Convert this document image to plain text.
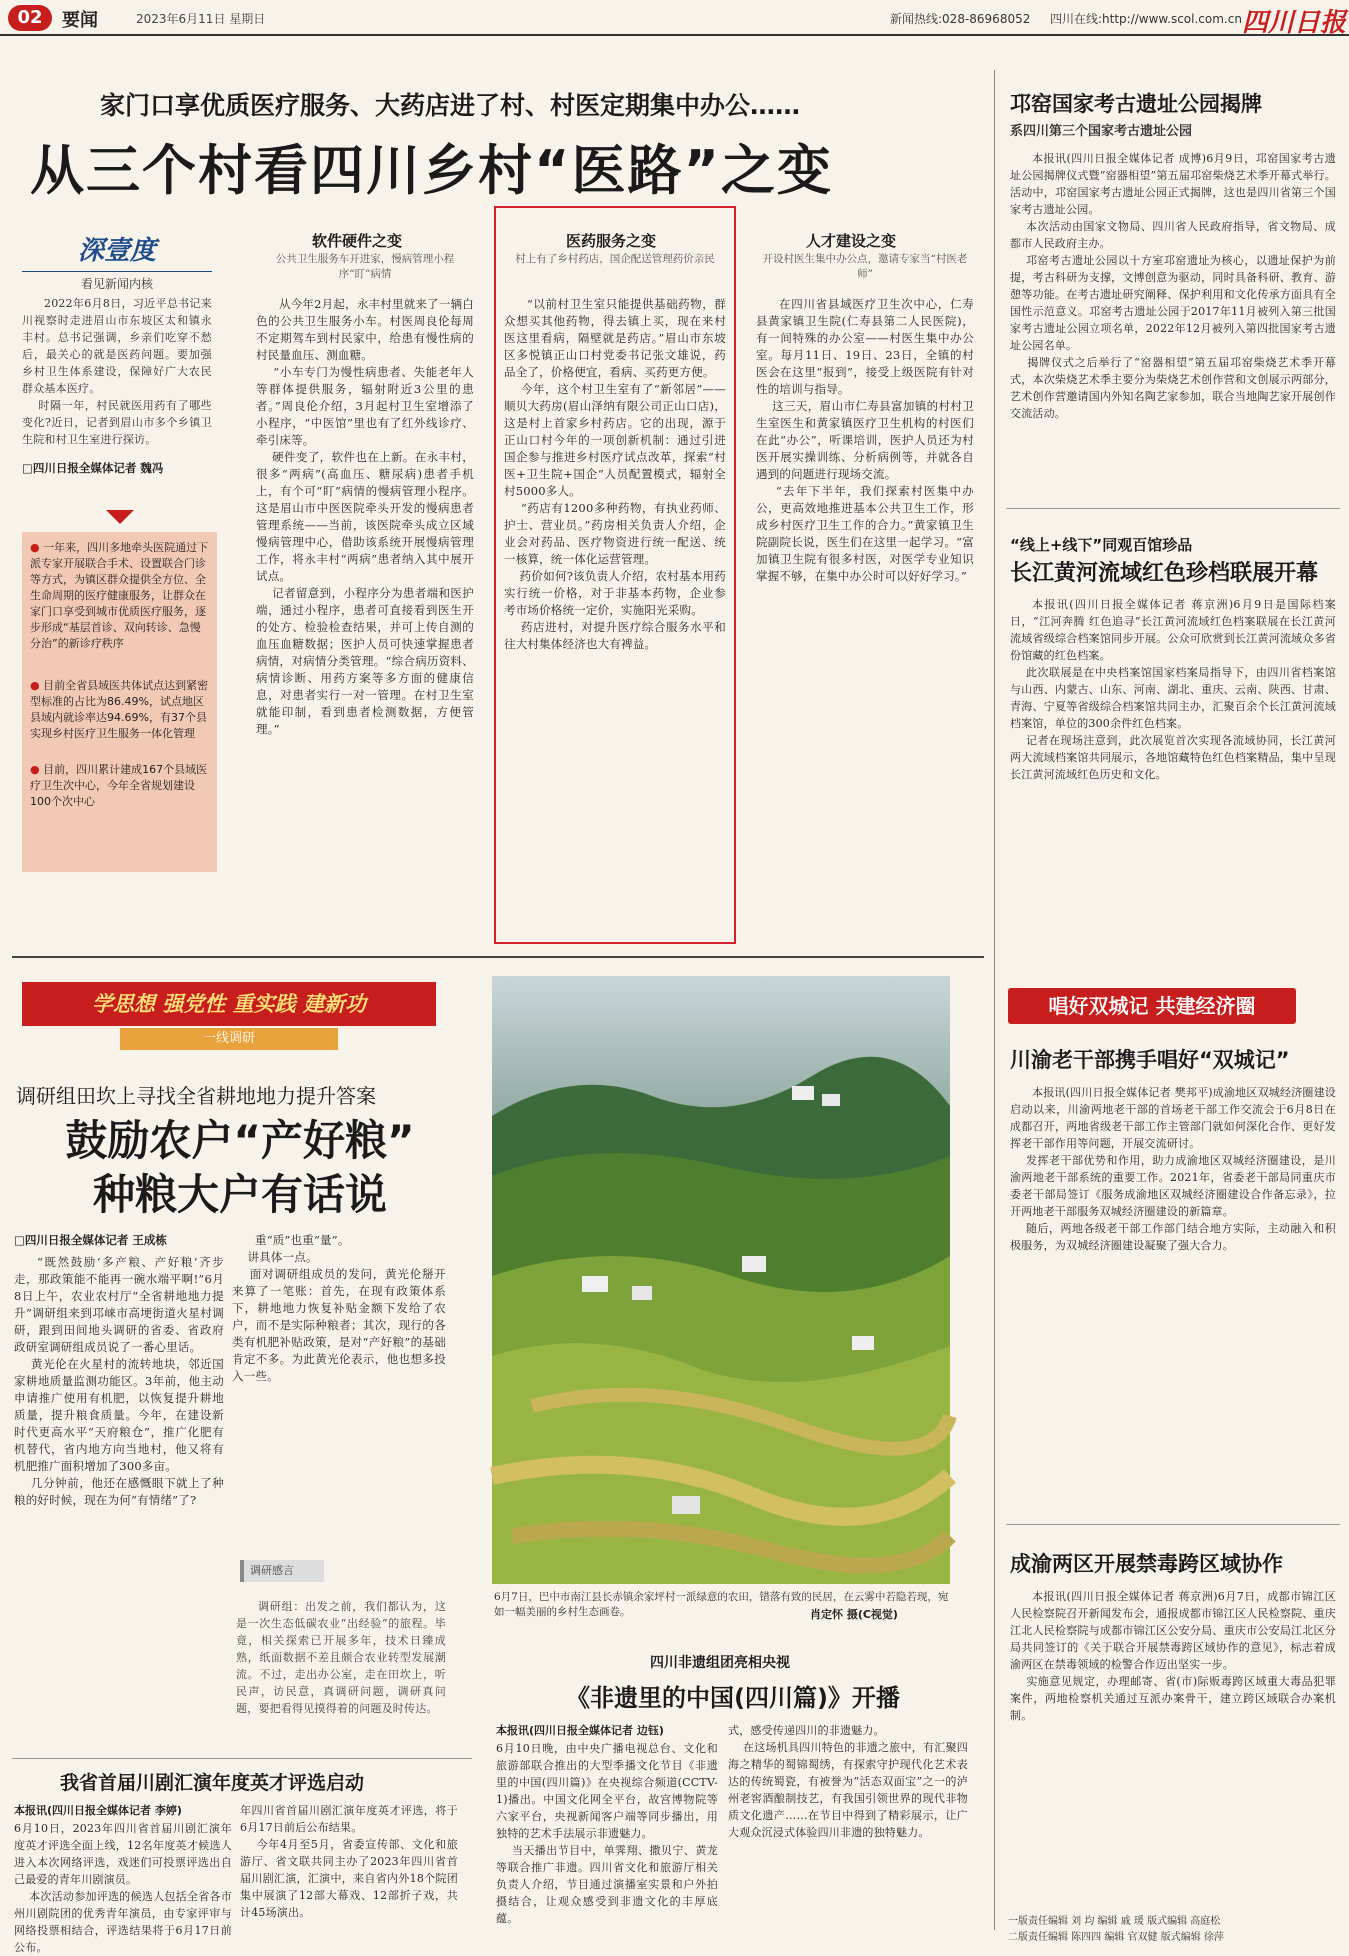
02	要闻	2023年6月11日 星期日	新闻热线:028-86968052 四川在线:http://www.scol.com.cn 四川日报
家门口享优质医疗服务、大药店进了村、村医定期集中办公……
从三个村看四川乡村“医路”之变
深壹度
看见新闻内核
2022年6月8日，习近平总书记来川视察时走进眉山市东坡区太和镇永丰村。总书记强调，乡亲们吃穿不愁后，最关心的就是医药问题。要加强乡村卫生体系建设，保障好广大农民群众基本医疗。
时隔一年，村民就医用药有了哪些变化?近日，记者到眉山市多个乡镇卫生院和村卫生室进行探访。
□四川日报全媒体记者 魏冯
● 一年来，四川多地牵头医院通过下派专家开展联合手术、设置联合门诊等方式，为镇区群众提供全方位、全生命周期的医疗健康服务，让群众在家门口享受到城市优质医疗服务，逐步形成“基层首诊、双向转诊、急慢分治”的新诊疗秩序
● 目前全省县域医共体试点达到紧密型标准的占比为86.49%，试点地区县域内就诊率达94.69%，有37个县实现乡村医疗卫生服务一体化管理
● 目前，四川累计建成167个县域医疗卫生次中心，今年全省规划建设100个次中心
软件硬件之变
公共卫生服务车开进家，慢病管理小程序“盯”病情
从今年2月起，永丰村里就来了一辆白色的公共卫生服务小车。村医周良伦每周不定期驾车到村民家中，给患有慢性病的村民量血压、测血糖。
“小车专门为慢性病患者、失能老年人等群体提供服务，辐射附近3公里的患者。”周良伦介绍，3月起村卫生室增添了小程序，“中医馆”里也有了红外线诊疗、牵引床等。
硬件变了，软件也在上新。在永丰村，很多“两病”(高血压、糖尿病)患者手机上，有个可“盯”病情的慢病管理小程序。这是眉山市中医医院牵头开发的慢病患者管理系统——当前，该医院牵头成立区域慢病管理中心，借助该系统开展慢病管理工作，将永丰村“两病”患者纳入其中展开试点。
记者留意到，小程序分为患者端和医护端，通过小程序，患者可直接看到医生开的处方、检验检查结果，并可上传自测的血压血糖数据；医护人员可快速掌握患者病情，对病情分类管理。“综合病历资料、病情诊断、用药方案等多方面的健康信息，对患者实行一对一管理。在村卫生室就能印制，看到患者检测数据，方便管理。”
医药服务之变
村上有了乡村药店，国企配送管理药价亲民
“以前村卫生室只能提供基础药物，群众想买其他药物，得去镇上买，现在来村医这里看病，隔壁就是药店。”眉山市东坡区多悦镇正山口村党委书记张文雄说，药品全了，价格便宜，看病、买药更方便。
今年，这个村卫生室有了“新邻居”——顺贝大药房(眉山泽纳有限公司正山口店)，这是村上首家乡村药店。它的出现，源于正山口村今年的一项创新机制：通过引进国企参与推进乡村医疗试点改革，探索“村医+卫生院+国企”人员配置模式，辐射全村5000多人。
“药店有1200多种药物，有执业药师、护士、营业员。”药房相关负责人介绍，企业会对药品、医疗物资进行统一配送、统一核算，统一体化运营管理。
药价如何?该负责人介绍，农村基本用药实行统一价格，对于非基本药物，企业参考市场价格统一定价，实施阳光采购。
药店进村，对提升医疗综合服务水平和往大村集体经济也大有裨益。
人才建设之变
开设村医生集中办公点，邀请专家当“村医老师”
在四川省县域医疗卫生次中心，仁寿县黄家镇卫生院(仁寿县第二人民医院)，有一间特殊的办公室——村医生集中办公室。每月11日、19日、23日，全镇的村医会在这里“报到”，接受上级医院有针对性的培训与指导。
这三天，眉山市仁寿县富加镇的村村卫生室医生和黄家镇医疗卫生机构的村医们在此“办公”，听课培训，医护人员还为村医开展实操训练、分析病例等，并就各自遇到的问题进行现场交流。
“去年下半年，我们探索村医集中办公，更高效地推进基本公共卫生工作，形成乡村医疗卫生工作的合力。”黄家镇卫生院副院长说，医生们在这里一起学习。“富加镇卫生院有很多村医，对医学专业知识掌握不够，在集中办公时可以好好学习。”
邛窑国家考古遗址公园揭牌
系四川第三个国家考古遗址公园
本报讯(四川日报全媒体记者 成博)6月9日，邛窑国家考古遗址公园揭牌仪式暨“窑器相望”第五届邛窑柴烧艺术季开幕式举行。活动中，邛窑国家考古遗址公园正式揭牌，这也是四川省第三个国家考古遗址公园。
本次活动由国家文物局、四川省人民政府指导，省文物局、成都市人民政府主办。
邛窑考古遗址公园以十方室邛窑遗址为核心，以遗址保护为前提，考古科研为支撑，文博创意为驱动，同时具备科研、教育、游憩等功能。在考古遗址研究阐释、保护利用和文化传承方面具有全国性示范意义。邛窑考古遗址公园于2017年11月被列入第三批国家考古遗址公园立项名单，2022年12月被列入第四批国家考古遗址公园名单。
揭牌仪式之后举行了“窑器相望”第五届邛窑柴烧艺术季开幕式，本次柴烧艺术季主要分为柴烧艺术创作营和文创展示两部分，艺术创作营邀请国内外知名陶艺家参加，联合当地陶艺家开展创作交流活动。
“线上+线下”同观百馆珍品
长江黄河流域红色珍档联展开幕
本报讯(四川日报全媒体记者 蒋京洲)6月9日是国际档案日，“江河奔腾 红色追寻”长江黄河流域红色档案联展在长江黄河流域省级综合档案馆同步开展。公众可欣赏到长江黄河流域众多省份馆藏的红色档案。
此次联展是在中央档案馆国家档案局指导下，由四川省档案馆与山西、内蒙古、山东、河南、湖北、重庆、云南、陕西、甘肃、青海、宁夏等省级综合档案馆共同主办，汇聚百余个长江黄河流域档案馆，单位的300余件红色档案。
记者在现场注意到，此次展览首次实现各流域协同，长江黄河两大流域档案馆共同展示，各地馆藏特色红色档案精品，集中呈现长江黄河流域红色历史和文化。
唱好双城记 共建经济圈
川渝老干部携手唱好“双城记”
本报讯(四川日报全媒体记者 樊邦平)成渝地区双城经济圈建设启动以来，川渝两地老干部的首场老干部工作交流会于6月8日在成都召开，两地省级老干部工作主管部门就如何深化合作、更好发挥老干部作用等问题，开展交流研讨。
发挥老干部优势和作用，助力成渝地区双城经济圈建设，是川渝两地老干部系统的重要工作。2021年，省委老干部局同重庆市委老干部局签订《服务成渝地区双城经济圈建设合作备忘录》，拉开两地老干部服务双城经济圈建设的新篇章。
随后，两地各级老干部工作部门结合地方实际，主动融入和积极服务，为双城经济圈建设凝聚了强大合力。
成渝两区开展禁毒跨区域协作
本报讯(四川日报全媒体记者 蒋京洲)6月7日，成都市锦江区人民检察院召开新闻发布会，通报成都市锦江区人民检察院、重庆江北人民检察院与成都市锦江区公安分局、重庆市公安局江北区分局共同签订的《关于联合开展禁毒跨区域协作的意见》，标志着成渝两区在禁毒领域的检警合作迈出坚实一步。
实施意见规定，办理邮寄、省(市)际贩毒跨区域重大毒品犯罪案件，两地检察机关通过互派办案骨干，建立跨区域联合办案机制。
学思想 强党性 重实践 建新功
一线调研
调研组田坎上寻找全省耕地地力提升答案
鼓励农户“产好粮”
种粮大户有话说
□四川日报全媒体记者 王成栋
“既然鼓励‘多产粮、产好粮’齐步走，那政策能不能再一碗水端平啊!”6月8日上午，农业农村厅“全省耕地地力提升”调研组来到邛崃市高埂街道火星村调研，跟到田间地头调研的省委、省政府政研室调研组成员说了一番心里话。
黄光伦在火星村的流转地块，邻近国家耕地质量监测功能区。3年前，他主动申请推广使用有机肥，以恢复提升耕地质量，提升粮食质量。今年，在建设新时代更高水平“天府粮仓”，推广化肥有机替代，省内地方向当地村，他又将有机肥推广面积增加了300多亩。
几分钟前，他还在感慨眼下就上了种粮的好时候，现在为何“有情绪”了?
重“质”也重“量”。
讲具体一点。
面对调研组成员的发问，黄光伦掰开来算了一笔账：首先，在现有政策体系下，耕地地力恢复补贴金额下发给了农户，而不是实际种粮者；其次，现行的各类有机肥补贴政策，是对“产好粮”的基础肯定不多。为此黄光伦表示，他也想多投入一些。
调研感言
调研组：出发之前，我们都认为，这是一次生态低碳农业“出经验”的旅程。毕竟，相关探索已开展多年，技术日臻成熟，纸面数据不差且颇合农业转型发展潮流。不过，走出办公室，走在田坎上，听民声，访民意，真调研问题，调研真问题，要把看得见摸得着的问题及时传达。
我省首届川剧汇演年度英才评选启动
本报讯(四川日报全媒体记者 李婷)
6月10日，2023年四川省首届川剧汇演年度英才评选全面上线，12名年度英才候选人进入本次网络评选，戏迷们可投票评选出自己最爱的青年川剧演员。
本次活动参加评选的候选人包括全省各市州川剧院团的优秀青年演员，由专家评审与网络投票相结合，评选结果将于6月17日前公布。
年四川省首届川剧汇演年度英才评选，将于6月17日前后公布结果。
今年4月至5月，省委宣传部、文化和旅游厅、省文联共同主办了2023年四川省首届川剧汇演，汇演中，来自省内外18个院团集中展演了12部大幕戏、12部折子戏，共计45场演出。
6月7日，巴中市南江县长赤镇余家坪村一派绿意的农田，错落有致的民居，在云雾中若隐若现，宛如一幅美丽的乡村生态画卷。	肖定怀 摄(C视觉)
四川非遗组团亮相央视
《非遗里的中国(四川篇)》开播
本报讯(四川日报全媒体记者 边钰)
6月10日晚，由中央广播电视总台、文化和旅游部联合推出的大型季播文化节目《非遗里的中国(四川篇)》在央视综合频道(CCTV-1)播出。中国文化网全平台，故宫博物院等六家平台，央视新闻客户端等同步播出，用独特的艺术手法展示非遗魅力。
当天播出节目中，单霁翔、撒贝宁、黄龙等联合推广非遗。四川省文化和旅游厅相关负责人介绍，节目通过演播室实景和户外拍摄结合，让观众感受到非遗文化的丰厚底蕴。
式，感受传递四川的非遗魅力。
在这场机具四川特色的非遗之旅中，有汇聚四海之精华的蜀锦蜀绣，有探索守护现代化艺术表达的传统蜀瓷，有被誉为“活态双面宝”之一的泸州老窖酒酿制技艺，有我国引领世界的现代非物质文化遗产……在节目中得到了精彩展示，让广大观众沉浸式体验四川非遗的独特魅力。
一版责任编辑 刘 均 编辑 戚 瑗 版式编辑 高庭松
二版责任编辑 陈四四 编辑 官双健 版式编辑 徐萍
